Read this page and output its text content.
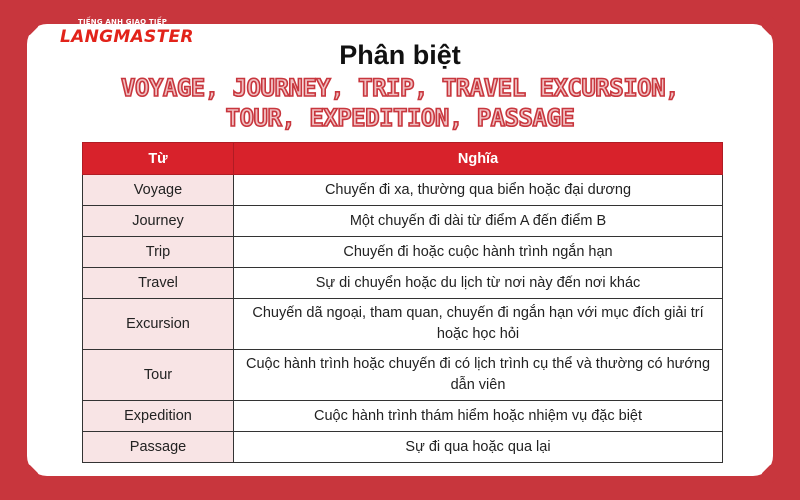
TIẾNG ANH GIAO TIẾP
LANGMASTER
Phân biệt
VOYAGE, JOURNEY, TRIP, TRAVEL EXCURSION,
TOUR, EXPEDITION, PASSAGE
Từ	Nghĩa
Voyage	Chuyến đi xa, thường qua biển hoặc đại dương
Journey	Một chuyến đi dài từ điểm A đến điểm B
Trip	Chuyến đi hoặc cuộc hành trình ngắn hạn
Travel	Sự di chuyển hoặc du lịch từ nơi này đến nơi khác
Excursion	Chuyến dã ngoại, tham quan, chuyến đi ngắn hạn với mục đích giải trí hoặc học hỏi
Tour	Cuộc hành trình hoặc chuyến đi có lịch trình cụ thể và thường có hướng dẫn viên
Expedition	Cuộc hành trình thám hiểm hoặc nhiệm vụ đặc biệt
Passage	Sự đi qua hoặc qua lại
